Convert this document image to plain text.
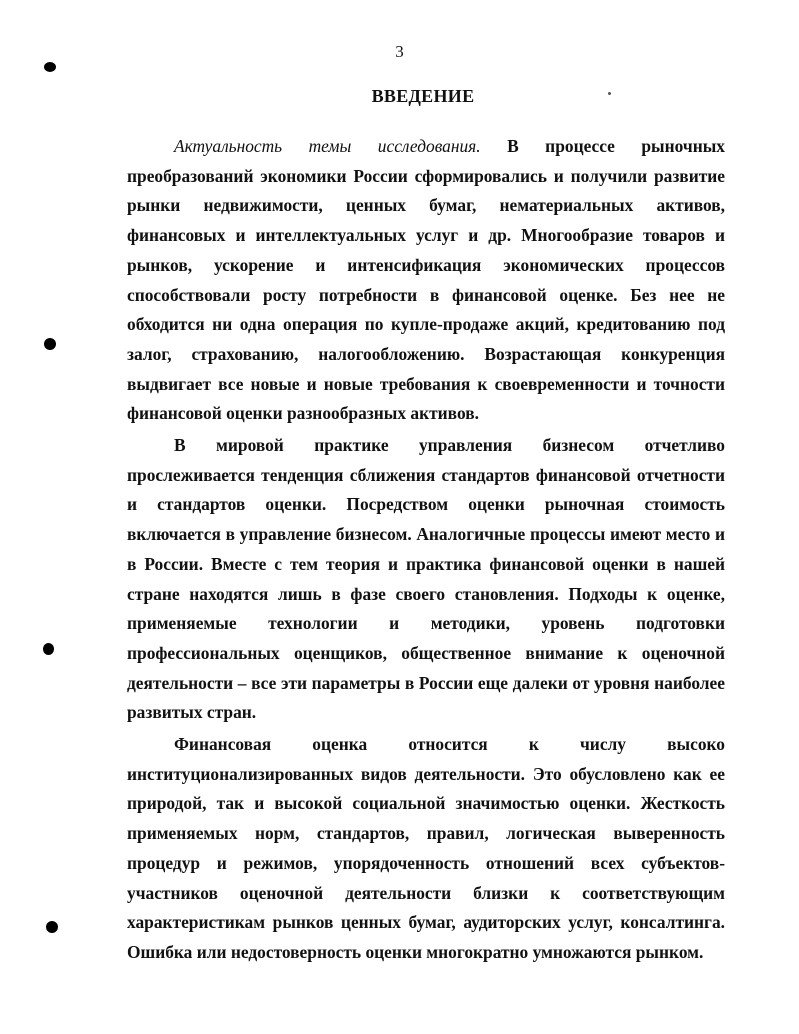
3
ВВЕДЕНИЕ

Актуальность темы исследования. В процессе рыночных преобразований экономики России сформировались и получили развитие рынки недвижимости, ценных бумаг, нематериальных активов, финансовых и интеллектуальных услуг и др. Многообразие товаров и рынков, ускорение и интенсификация экономических процессов способствовали росту потребности в финансовой оценке. Без нее не обходится ни одна операция по купле-продаже акций, кредитованию под залог, страхованию, налогообложению. Возрастающая конкуренция выдвигает все новые и новые требования к своевременности и точности финансовой оценки разнообразных активов.

В мировой практике управления бизнесом отчетливо прослеживается тенденция сближения стандартов финансовой отчетности и стандартов оценки. Посредством оценки рыночная стоимость включается в управление бизнесом. Аналогичные процессы имеют место и в России. Вместе с тем теория и практика финансовой оценки в нашей стране находятся лишь в фазе своего становления. Подходы к оценке, применяемые технологии и методики, уровень подготовки профессиональных оценщиков, общественное внимание к оценочной деятельности – все эти параметры в России еще далеки от уровня наиболее развитых стран.

Финансовая оценка относится к числу высоко институционализированных видов деятельности. Это обусловлено как ее природой, так и высокой социальной значимостью оценки. Жесткость применяемых норм, стандартов, правил, логическая выверенность процедур и режимов, упорядоченность отношений всех субъектов-участников оценочной деятельности близки к соответствующим характеристикам рынков ценных бумаг, аудиторских услуг, консалтинга. Ошибка или недостоверность оценки многократно умножаются рынком.
